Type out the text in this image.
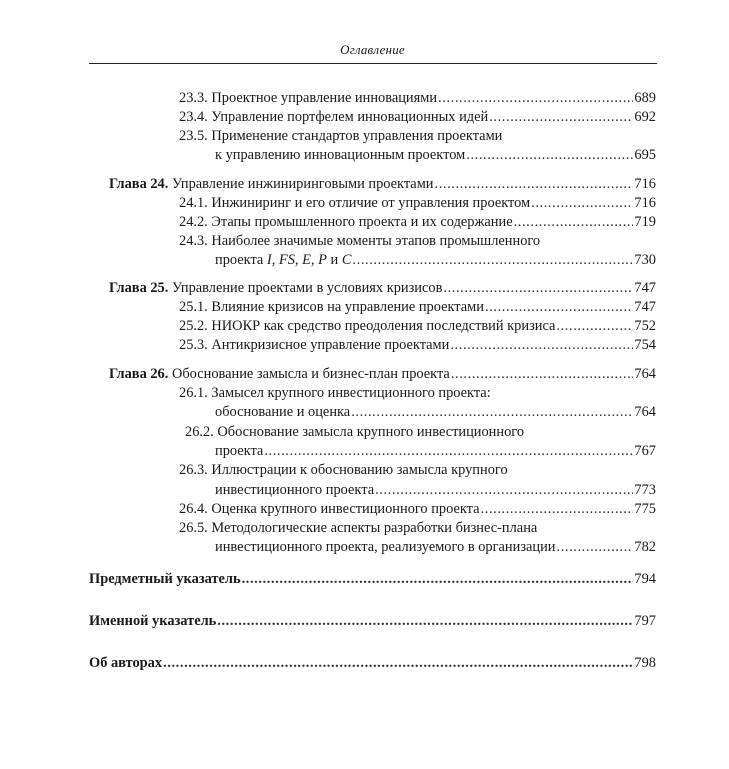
Оглавление
23.3. Проектное управление инновациями .....	689
23.4. Управление портфелем инновационных идей .....	692
23.5. Применение стандартов управления проектами
к управлению инновационным проектом .....	695
Глава 24. Управление инжиниринговыми проектами .....	716
24.1. Инжиниринг и его отличие от управления проектом .....	716
24.2. Этапы промышленного проекта и их содержание .....	719
24.3. Наиболее значимые моменты этапов промышленного
проекта I, FS, E, P и C .....	730
Глава 25. Управление проектами в условиях кризисов .....	747
25.1. Влияние кризисов на управление проектами .....	747
25.2. НИОКР как средство преодоления последствий кризиса .....	752
25.3. Антикризисное управление проектами .....	754
Глава 26. Обоснование замысла и бизнес-план проекта .....	764
26.1. Замысел крупного инвестиционного проекта:
обоснование и оценка .....	764
26.2. Обоснование замысла крупного инвестиционного
проекта .....	767
26.3. Иллюстрации к обоснованию замысла крупного
инвестиционного проекта .....	773
26.4. Оценка крупного инвестиционного проекта .....	775
26.5. Методологические аспекты разработки бизнес-плана
инвестиционного проекта, реализуемого в организации .....	782
Предметный указатель .....	794
Именной указатель .....	797
Об авторах .....	798
